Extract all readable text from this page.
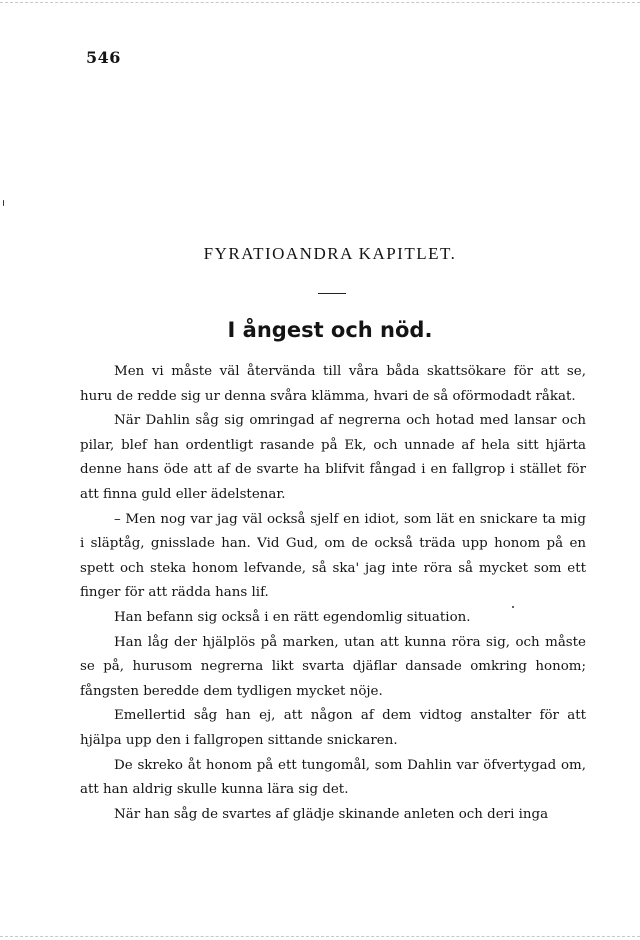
546
FYRATIOANDRA KAPITLET.
I ångest och nöd.

Men vi måste väl återvända till våra båda skattsökare för att se, huru de redde sig ur denna svåra klämma, hvari de så oförmodadt råkat.

När Dahlin såg sig omringad af negrerna och hotad med lansar och pilar, blef han ordentligt rasande på Ek, och unnade af hela sitt hjärta denne hans öde att af de svarte ha blifvit fångad i en fallgrop i stället för att finna guld eller ädelstenar.

– Men nog var jag väl också sjelf en idiot, som lät en snickare ta mig i släptåg, gnisslade han. Vid Gud, om de också träda upp honom på en spett och steka honom lefvande, så ska' jag inte röra så mycket som ett finger för att rädda hans lif.

Han befann sig också i en rätt egendomlig situation.

Han låg der hjälplös på marken, utan att kunna röra sig, och måste se på, hurusom negrerna likt svarta djäflar dansade omkring honom; fångsten beredde dem tydligen mycket nöje.

Emellertid såg han ej, att någon af dem vidtog anstalter för att hjälpa upp den i fallgropen sittande snickaren.

De skreko åt honom på ett tungomål, som Dahlin var öfvertygad om, att han aldrig skulle kunna lära sig det.

När han såg de svartes af glädje skinande anleten och deri inga
